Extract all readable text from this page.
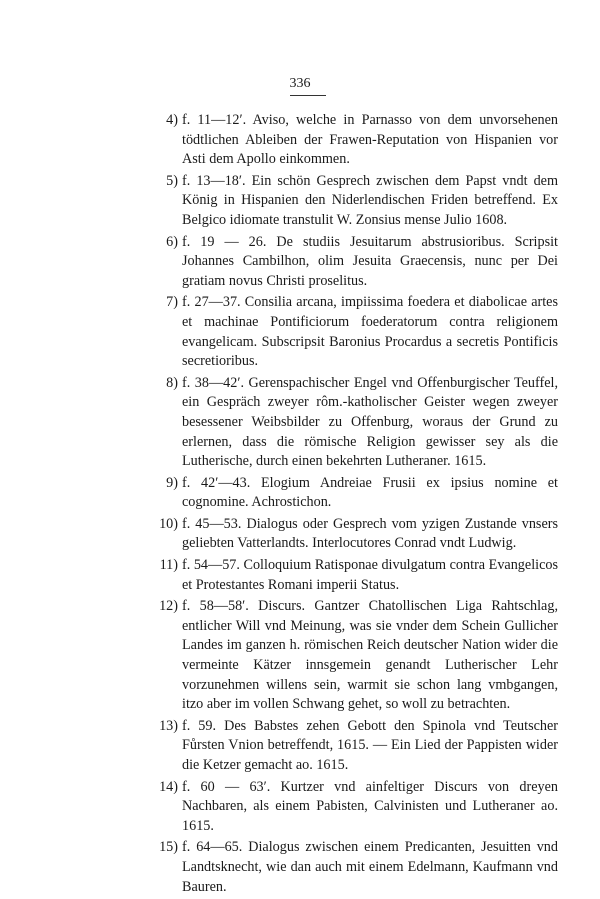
336
4) f. 11—12′. Aviso, welche in Parnasso von dem unvorsehenen tödtlichen Ableiben der Frawen-Reputation von Hispanien vor Asti dem Apollo einkommen.
5) f. 13—18′. Ein schön Gesprech zwischen dem Papst vndt dem König in Hispanien den Niderlendischen Friden betreffend. Ex Belgico idiomate transtulit W. Zonsius mense Julio 1608.
6) f. 19 — 26. De studiis Jesuitarum abstrusioribus. Scripsit Johannes Cambilhon, olim Jesuita Graecensis, nunc per Dei gratiam novus Christi proselitus.
7) f. 27—37. Consilia arcana, impiissima foedera et diabolicae artes et machinae Pontificiorum foederatorum contra religionem evangelicam. Subscripsit Baronius Procardus a secretis Pontificis secretioribus.
8) f. 38—42′. Gerenspachischer Engel vnd Offenburgischer Teuffel, ein Gespräch zweyer rôm.-katholischer Geister wegen zweyer besessener Weibsbilder zu Offenburg, woraus der Grund zu erlernen, dass die römische Religion gewisser sey als die Lutherische, durch einen bekehrten Lutheraner. 1615.
9) f. 42′—43. Elogium Andreiae Frusii ex ipsius nomine et cognomine. Achrostichon.
10) f. 45—53. Dialogus oder Gesprech vom yzigen Zustande vnsers geliebten Vatterlandts. Interlocutores Conrad vndt Ludwig.
11) f. 54—57. Colloquium Ratisponae divulgatum contra Evangelicos et Protestantes Romani imperii Status.
12) f. 58—58′. Discurs. Gantzer Chatollischen Liga Rahtschlag, entlicher Will vnd Meinung, was sie vnder dem Schein Gullicher Landes im ganzen h. römischen Reich deutscher Nation wider die vermeinte Kätzer innsgemein genandt Lutherischer Lehr vorzunehmen willens sein, warmit sie schon lang vmbgangen, itzo aber im vollen Schwang gehet, so woll zu betrachten.
13) f. 59. Des Babstes zehen Gebott den Spinola vnd Teutscher Fůrsten Vnion betreffendt, 1615. — Ein Lied der Pappisten wider die Ketzer gemacht ao. 1615.
14) f. 60 — 63′. Kurtzer vnd ainfeltiger Discurs von dreyen Nachbaren, als einem Pabisten, Calvinisten und Lutheraner ao. 1615.
15) f. 64—65. Dialogus zwischen einem Predicanten, Jesuitten vnd Landtsknecht, wie dan auch mit einem Edelmann, Kaufmann vnd Bauren.
